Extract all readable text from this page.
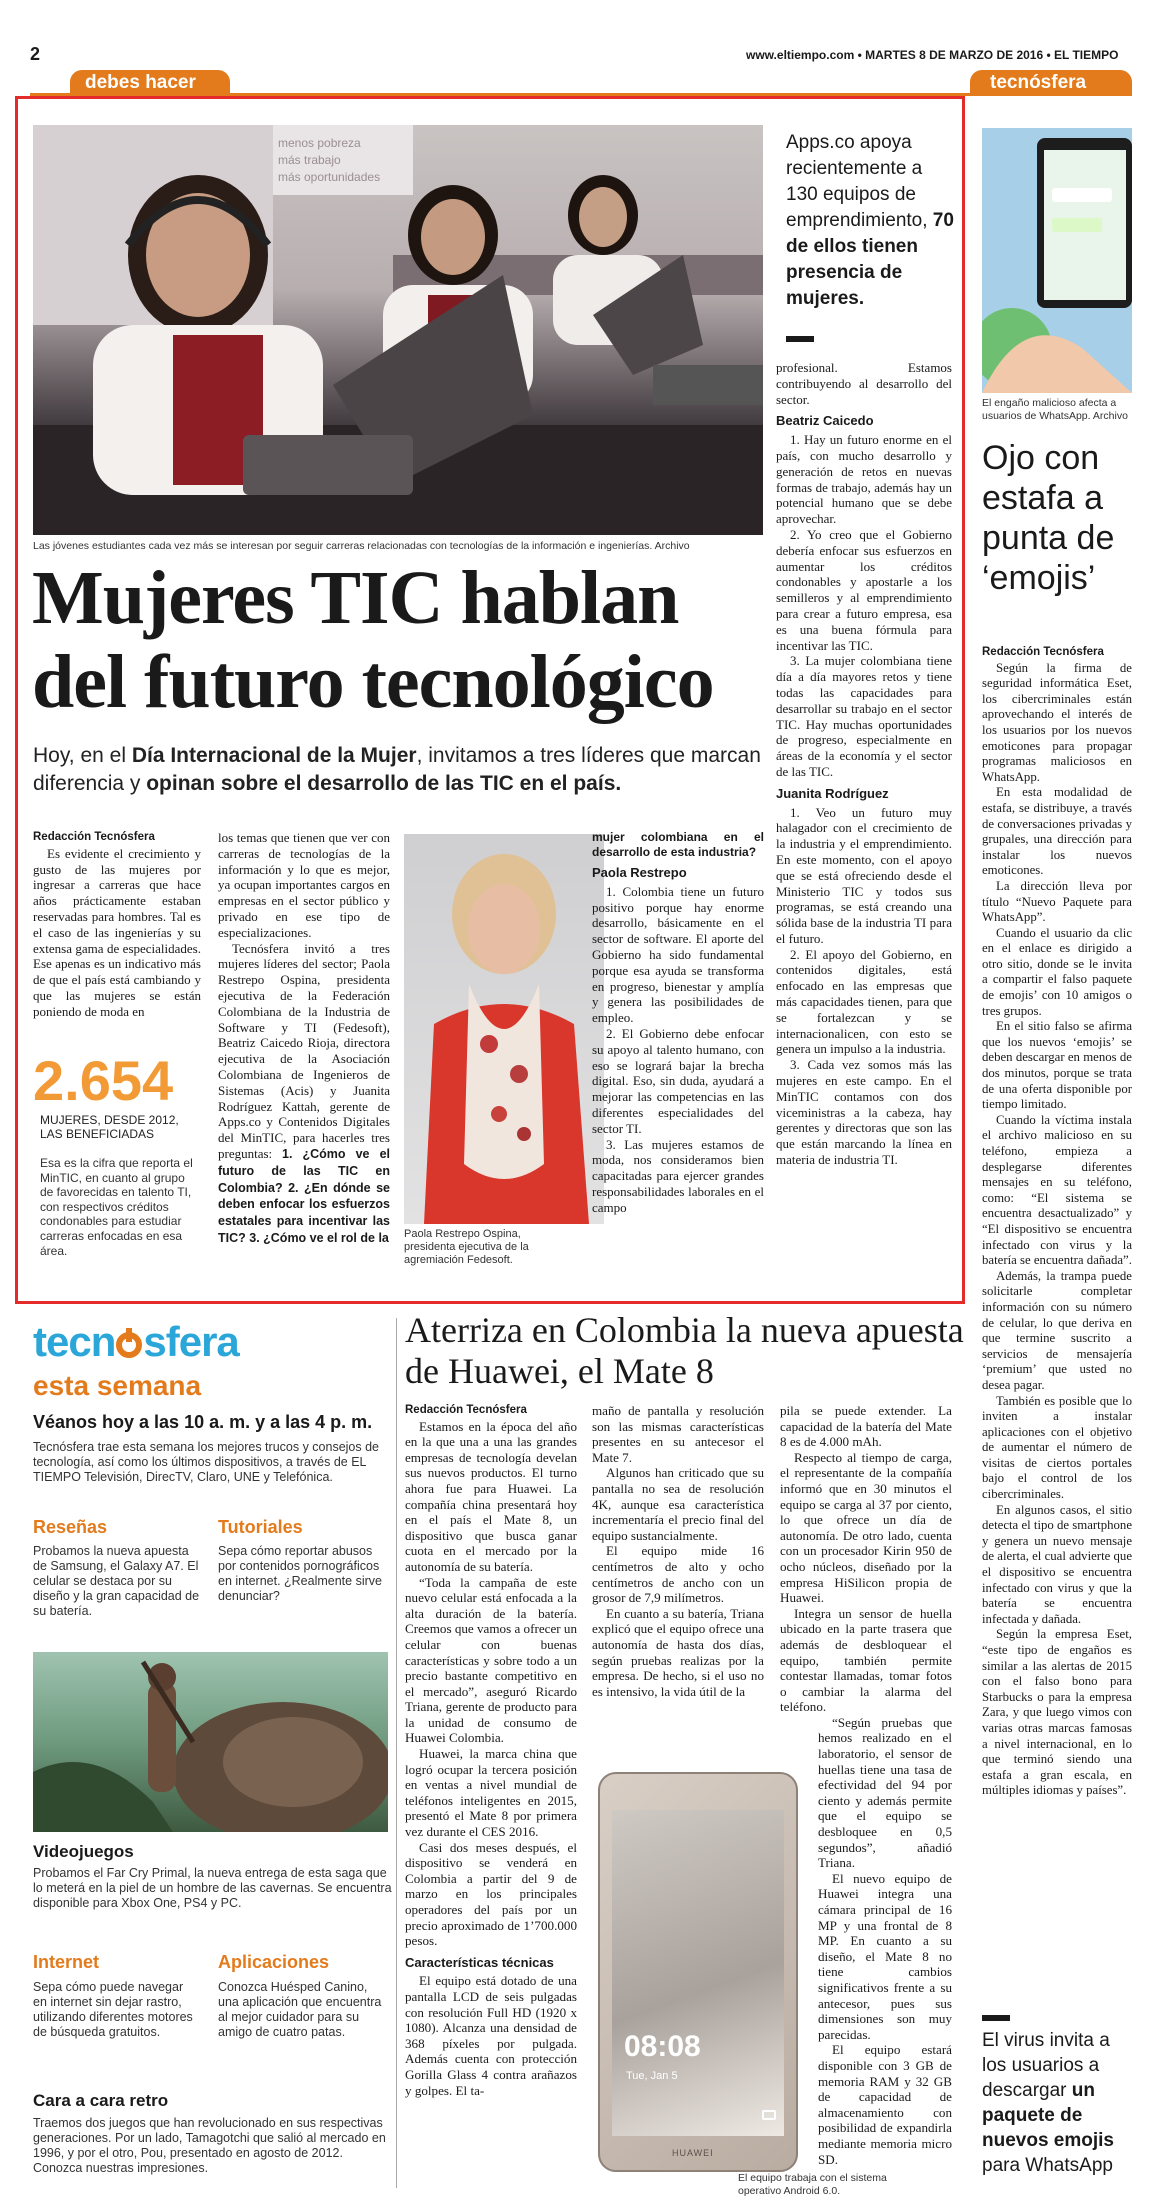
2
debes hacer
www.eltiempo.com • MARTES 8 DE MARZO DE 2016 • EL TIEMPO
tecnósfera
menos pobreza
más trabajo
más oportunidades
Las jóvenes estudiantes cada vez más se interesan por seguir carreras relacionadas con tecnologías de la información e ingenierías. Archivo
Apps.co apoya recientemente a 130 equipos de emprendimiento, 70 de ellos tienen presencia de mujeres.
Mujeres TIC hablan
del futuro tecnológico
Hoy, en el Día Internacional de la Mujer, invitamos a tres líderes que marcan diferencia y opinan sobre el desarrollo de las TIC en el país.

Redacción Tecnósfera

Es evidente el crecimiento y gusto de las mujeres por ingresar a carreras que hace años prácticamente estaban reservadas para hombres. Tal es el caso de las ingenierías y su extensa gama de especialidades. Ese apenas es un indicativo más de que el país está cambiando y que las mujeres se están poniendo de moda en

2.654
MUJERES, DESDE 2012, LAS BENEFICIADAS
Esa es la cifra que reporta el MinTIC, en cuanto al grupo de favorecidas en talento TI, con respectivos créditos condonables para estudiar carreras enfocadas en esa área.

los temas que tienen que ver con carreras de tecnologías de la información y lo que es mejor, ya ocupan importantes cargos en empresas en el sector público y privado en ese tipo de especializaciones.

Tecnósfera invitó a tres mujeres líderes del sector; Paola Restrepo Ospina, presidenta ejecutiva de la Federación Colombiana de la Industria de Software y TI (Fedesoft), Beatriz Caicedo Rioja, directora ejecutiva de la Asociación Colombiana de Ingenieros de Sistemas (Acis) y Juanita Rodríguez Kattah, gerente de Apps.co y Contenidos Digitales del MinTIC, para hacerles tres preguntas: 1. ¿Cómo ve el futuro de las TIC en Colombia? 2. ¿En dónde se deben enfocar los esfuerzos estatales para incentivar las TIC? 3. ¿Cómo ve el rol de la Paola Restrepo Ospina, presidenta ejecutiva de la agremiación Fedesoft.

mujer colombiana en el desarrollo de esta industria?

Paola Restrepo

1. Colombia tiene un futuro positivo porque hay enorme desarrollo, básicamente en el sector de software. El aporte del Gobierno ha sido fundamental porque esa ayuda se transforma en progreso, bienestar y amplía y genera las posibilidades de empleo.

2. El Gobierno debe enfocar su apoyo al talento humano, con eso se logrará bajar la brecha digital. Eso, sin duda, ayudará a mejorar las competencias en las diferentes especialidades del sector TI.

3. Las mujeres estamos de moda, nos consideramos bien capacitadas para ejercer grandes responsabilidades laborales en el campo

profesional. Estamos contribuyendo al desarrollo del sector.

Beatriz Caicedo

1. Hay un futuro enorme en el país, con mucho desarrollo y generación de retos en nuevas formas de trabajo, además hay un potencial humano que se debe aprovechar.

2. Yo creo que el Gobierno debería enfocar sus esfuerzos en aumentar los créditos condonables y apostarle a los semilleros y al emprendimiento para crear a futuro empresa, esa es una buena fórmula para incentivar las TIC.

3. La mujer colombiana tiene día a día mayores retos y tiene todas las capacidades para desarrollar su trabajo en el sector TIC. Hay muchas oportunidades de progreso, especialmente en áreas de la economía y el sector de las TIC.

Juanita Rodríguez

1. Veo un futuro muy halagador con el crecimiento de la industria y el emprendimiento. En este momento, con el apoyo que se está ofreciendo desde el Ministerio TIC y todos sus programas, se está creando una sólida base de la industria TI para el futuro.

2. El apoyo del Gobierno, en contenidos digitales, está enfocado en las empresas que más capacidades tienen, para que se fortalezcan y se internacionalicen, con esto se genera un impulso a la industria.

3. Cada vez somos más las mujeres en este campo. En el MinTIC contamos con dos viceministras a la cabeza, hay gerentes y directoras que son las que están marcando la línea en materia de industria TI.

El engaño malicioso afecta a usuarios de WhatsApp. Archivo
Ojo con estafa a punta de ‘emojis’

Redacción Tecnósfera

Según la firma de seguridad informática Eset, los cibercriminales están aprovechando el interés de los usuarios por los nuevos emoticones para propagar programas maliciosos en WhatsApp.

En esta modalidad de estafa, se distribuye, a través de conversaciones privadas y grupales, una dirección para instalar los nuevos emoticones.

La dirección lleva por título “Nuevo Paquete para WhatsApp”.

Cuando el usuario da clic en el enlace es dirigido a otro sitio, donde se le invita a compartir el falso paquete de emojis’ con 10 amigos o tres grupos.

En el sitio falso se afirma que los nuevos ‘emojis’ se deben descargar en menos de dos minutos, porque se trata de una oferta disponible por tiempo limitado.

Cuando la víctima instala el archivo malicioso en su teléfono, empieza a desplegarse diferentes mensajes en su teléfono, como: “El sistema se encuentra desactualizado” y “El dispositivo se encuentra infectado con virus y la batería se encuentra dañada”.

Además, la trampa puede solicitarle completar información con su número de celular, lo que deriva en que termine suscrito a servicios de mensajería ‘premium’ que usted no desea pagar.

También es posible que lo inviten a instalar aplicaciones con el objetivo de aumentar el número de visitas de ciertos portales bajo el control de los cibercriminales.

En algunos casos, el sitio detecta el tipo de smartphone y genera un nuevo mensaje de alerta, el cual advierte que el dispositivo se encuentra infectado con virus y que la batería se encuentra infectada y dañada.

Según la empresa Eset, “este tipo de engaños es similar a las alertas de 2015 con el falso bono para Starbucks o para la empresa Zara, y que luego vimos con varias otras marcas famosas a nivel internacional, en lo que terminó siendo una estafa a gran escala, en múltiples idiomas y países”.

El virus invita a los usuarios a descargar un paquete de nuevos emojis para WhatsApp
tecn sfera
esta semana
Véanos hoy a las 10 a. m. y a las 4 p. m.
Tecnósfera trae esta semana los mejores trucos y consejos de tecnología, así como los últimos dispositivos, a través de EL TIEMPO Televisión, DirecTV, Claro, UNE y Telefónica.
Reseñas
Probamos la nueva apuesta de Samsung, el Galaxy A7. El celular se destaca por su diseño y la gran capacidad de su batería.
Tutoriales
Sepa cómo reportar abusos por contenidos pornográficos en internet. ¿Realmente sirve denunciar?
Videojuegos
Probamos el Far Cry Primal, la nueva entrega de esta saga que lo meterá en la piel de un hombre de las cavernas. Se encuentra disponible para Xbox One, PS4 y PC.
Internet
Sepa cómo puede navegar en internet sin dejar rastro, utilizando diferentes motores de búsqueda gratuitos.
Aplicaciones
Conozca Huésped Canino, una aplicación que encuentra al mejor cuidador para su amigo de cuatro patas.
Cara a cara retro
Traemos dos juegos que han revolucionado en sus respectivas generaciones. Por un lado, Tamagotchi que salió al mercado en 1996, y por el otro, Pou, presentado en agosto de 2012. Conozca nuestras impresiones.
Aterriza en Colombia la nueva apuesta de Huawei, el Mate 8

Redacción Tecnósfera

Estamos en la época del año en la que una a una las grandes empresas de tecnología develan sus nuevos productos. El turno ahora fue para Huawei. La compañía china presentará hoy en el país el Mate 8, un dispositivo que busca ganar cuota en el mercado por la autonomía de su batería.

“Toda la campaña de este nuevo celular está enfocada a la alta duración de la batería. Creemos que vamos a ofrecer un celular con buenas características y sobre todo a un precio bastante competitivo en el mercado”, aseguró Ricardo Triana, gerente de producto para la unidad de consumo de Huawei Colombia.

Huawei, la marca china que logró ocupar la tercera posición en ventas a nivel mundial de teléfonos inteligentes en 2015, presentó el Mate 8 por primera vez durante el CES 2016.

Casi dos meses después, el dispositivo se venderá en Colombia a partir del 9 de marzo en los principales operadores del país por un precio aproximado de 1’700.000 pesos.

Características técnicas

El equipo está dotado de una pantalla LCD de seis pulgadas con resolución Full HD (1920 x 1080). Alcanza una densidad de 368 píxeles por pulgada. Además cuenta con protección Gorilla Glass 4 contra arañazos y golpes. El ta-

maño de pantalla y resolución son las mismas características presentes en su antecesor el Mate 7.

Algunos han criticado que su pantalla no sea de resolución 4K, aunque esa característica incrementaría el precio final del equipo sustancialmente.

El equipo mide 16 centímetros de alto y ocho centímetros de ancho con un grosor de 7,9 milímetros.

En cuanto a su batería, Triana explicó que el equipo ofrece una autonomía de hasta dos días, según pruebas realizas por la empresa. De hecho, si el uso no es intensivo, la vida útil de la

pila se puede extender. La capacidad de la batería del Mate 8 es de 4.000 mAh.

Respecto al tiempo de carga, el representante de la compañía informó que en 30 minutos el equipo se carga al 37 por ciento, lo que ofrece un día de autonomía. De otro lado, cuenta con un procesador Kirin 950 de ocho núcleos, diseñado por la empresa HiSilicon propia de Huawei.

Integra un sensor de huella ubicado en la parte trasera que además de desbloquear el equipo, también permite contestar llamadas, tomar fotos o cambiar la alarma del teléfono.

“Según pruebas que hemos realizado en el laboratorio, el sensor de huellas tiene una tasa de efectividad del 94 por ciento y además permite que el equipo se desbloquee en 0,5 segundos”, añadió Triana.

El nuevo equipo de Huawei integra una cámara principal de 16 MP y una frontal de 8 MP. En cuanto a su diseño, el Mate 8 no tiene cambios significativos frente a su antecesor, pues sus dimensiones son muy parecidas.

El equipo estará disponible con 3 GB de memoria RAM y 32 GB de capacidad de almacenamiento con posibilidad de expandirla mediante memoria micro SD.

08:08
Tue, Jan 5
HUAWEI
El equipo trabaja con el sistema operativo Android 6.0.
